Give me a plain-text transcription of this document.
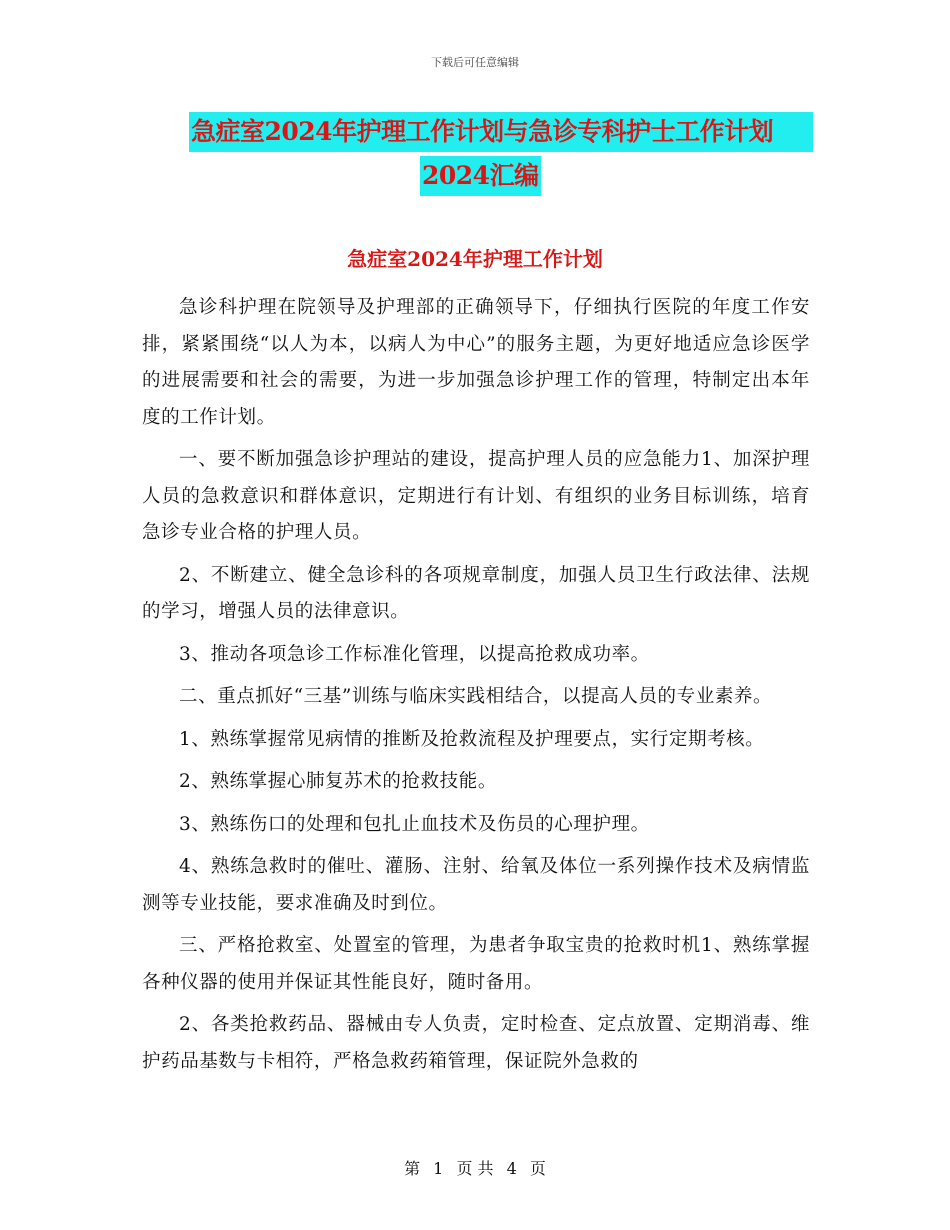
下载后可任意编辑
急症室2024年护理工作计划与急诊专科护士工作计划
2024汇编
急症室2024年护理工作计划

急诊科护理在院领导及护理部的正确领导下，仔细执行医院的年度工作安排，紧紧围绕“以人为本，以病人为中心”的服务主题，为更好地适应急诊医学的进展需要和社会的需要，为进一步加强急诊护理工作的管理，特制定出本年度的工作计划。

一、要不断加强急诊护理站的建设，提高护理人员的应急能力1、加深护理人员的急救意识和群体意识，定期进行有计划、有组织的业务目标训练，培育急诊专业合格的护理人员。

2、不断建立、健全急诊科的各项规章制度，加强人员卫生行政法律、法规的学习，增强人员的法律意识。

3、推动各项急诊工作标准化管理，以提高抢救成功率。

二、重点抓好“三基”训练与临床实践相结合，以提高人员的专业素养。

1、熟练掌握常见病情的推断及抢救流程及护理要点，实行定期考核。

2、熟练掌握心肺复苏术的抢救技能。

3、熟练伤口的处理和包扎止血技术及伤员的心理护理。

4、熟练急救时的催吐、灌肠、注射、给氧及体位一系列操作技术及病情监测等专业技能，要求准确及时到位。

三、严格抢救室、处置室的管理，为患者争取宝贵的抢救时机1、熟练掌握各种仪器的使用并保证其性能良好，随时备用。

2、各类抢救药品、器械由专人负责，定时检查、定点放置、定期消毒、维护药品基数与卡相符，严格急救药箱管理，保证院外急救的

第 1 页 共 4 页
